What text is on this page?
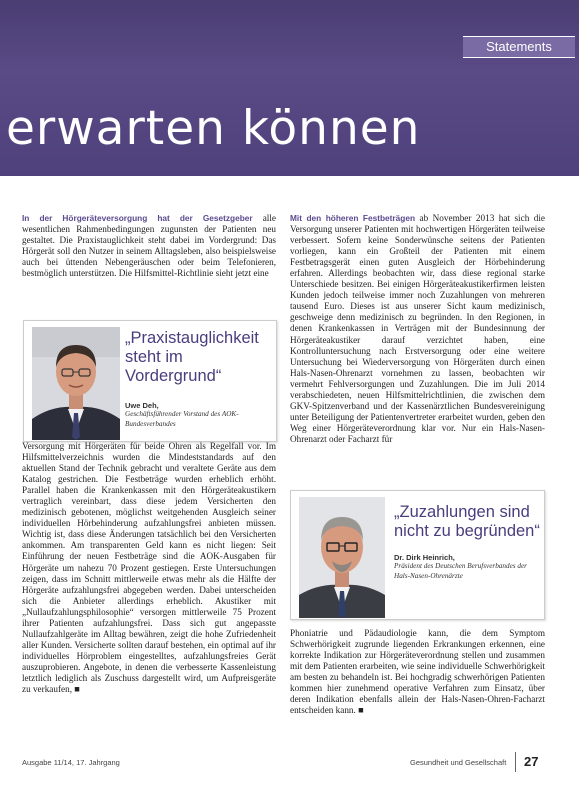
Statements
erwarten können
In der Hörgeräteversorgung hat der Gesetzgeber alle wesentlichen Rahmenbedingungen zugunsten der Patienten neu gestaltet. Die Praxistauglichkeit steht dabei im Vordergrund: Das Hörgerät soll den Nutzer in seinem Alltagsleben, also beispielsweise auch bei üttenden Nebengeräuschen oder beim Telefonieren, bestmöglich unterstützen. Die Hilfsmittel-Richtlinie sieht jetzt eine
„Praxistauglichkeit steht im Vordergrund“
Uwe Deh,
Geschäftsführender Vorstand des AOK-Bundesverbandes
Versorgung mit Hörgeräten für beide Ohren als Regelfall vor. Im Hilfsmittelverzeichnis wurden die Mindeststandards auf den aktuellen Stand der Technik gebracht und veraltete Geräte aus dem Katalog gestrichen. Die Festbeträge wurden erheblich erhöht. Parallel haben die Krankenkassen mit den Hörgeräteakustikern vertraglich vereinbart, dass diese jedem Versicherten den medizinisch gebotenen, möglichst weitgehenden Ausgleich seiner individuellen Hörbehinderung aufzahlungsfrei anbieten müssen. Wichtig ist, dass diese Änderungen tatsächlich bei den Versicherten ankommen. Am transparenten Geld kann es nicht liegen: Seit Einführung der neuen Festbeträge sind die AOK-Ausgaben für Hörgeräte um nahezu 70 Prozent gestiegen. Erste Untersuchungen zeigen, dass im Schnitt mittlerweile etwas mehr als die Hälfte der Hörgeräte aufzahlungsfrei abgegeben werden. Dabei unterscheiden sich die Anbieter allerdings erheblich. Akustiker mit „Nullaufzahlungsphilosophie“ versorgen mittlerweile 75 Prozent ihrer Patienten aufzahlungsfrei. Dass sich gut angepasste Nullaufzahlgeräte im Alltag bewähren, zeigt die hohe Zufriedenheit aller Kunden. Versicherte sollten darauf bestehen, ein optimal auf ihr individuelles Hörproblem eingestelltes, aufzahlungsfreies Gerät auszuprobieren. Angebote, in denen die verbesserte Kassenleistung letztlich lediglich als Zuschuss dargestellt wird, um Aufpreisgeräte zu verkaufen, ■
Mit den höheren Festbeträgen ab November 2013 hat sich die Versorgung unserer Patienten mit hochwertigen Hörgeräten teilweise verbessert. Sofern keine Sonderwünsche seitens der Patienten vorliegen, kann ein Großteil der Patienten mit einem Festbetragsgerät einen guten Ausgleich der Hörbehinderung erfahren. Allerdings beobachten wir, dass diese regional starke Unterschiede besitzen. Bei einigen Hörgeräteakustikerfirmen leisten Kunden jedoch teilweise immer noch Zuzahlungen von mehreren tausend Euro. Dieses ist aus unserer Sicht kaum medizinisch, geschweige denn medizinisch zu begründen. In den Regionen, in denen Krankenkassen in Verträgen mit der Bundesinnung der Hörgeräteakustiker darauf verzichtet haben, eine Kontrolluntersuchung nach Erstversorgung oder eine weitere Untersuchung bei Wiederversorgung von Hörgeräten durch einen Hals-Nasen-Ohrenarzt vornehmen zu lassen, beobachten wir vermehrt Fehlversorgungen und Zuzahlungen. Die im Juli 2014 verabschiedeten, neuen Hilfsmittelrichtlinien, die zwischen dem GKV-Spitzenverband und der Kassenärztlichen Bundesvereinigung unter Beteiligung der Patientenvertreter erarbeitet wurden, geben den Weg einer Hörgeräteverordnung klar vor. Nur ein Hals-Nasen-Ohrenarzt oder Facharzt für
„Zuzahlungen sind nicht zu begründen“
Dr. Dirk Heinrich,
Präsident des Deutschen Berufsverbandes der Hals-Nasen-Ohrenärzte
Phoniatrie und Pädaudiologie kann, die dem Symptom Schwerhörigkeit zugrunde liegenden Erkrankungen erkennen, eine korrekte Indikation zur Hörgeräteverordnung stellen und zusammen mit dem Patienten erarbeiten, wie seine individuelle Schwerhörigkeit am besten zu behandeln ist. Bei hochgradig schwerhörigen Patienten kommen hier zunehmend operative Verfahren zum Einsatz, über deren Indikation ebenfalls allein der Hals-Nasen-Ohren-Facharzt entscheiden kann. ■
Ausgabe 11/14, 17. Jahrgang	Gesundheit und Gesellschaft 27
